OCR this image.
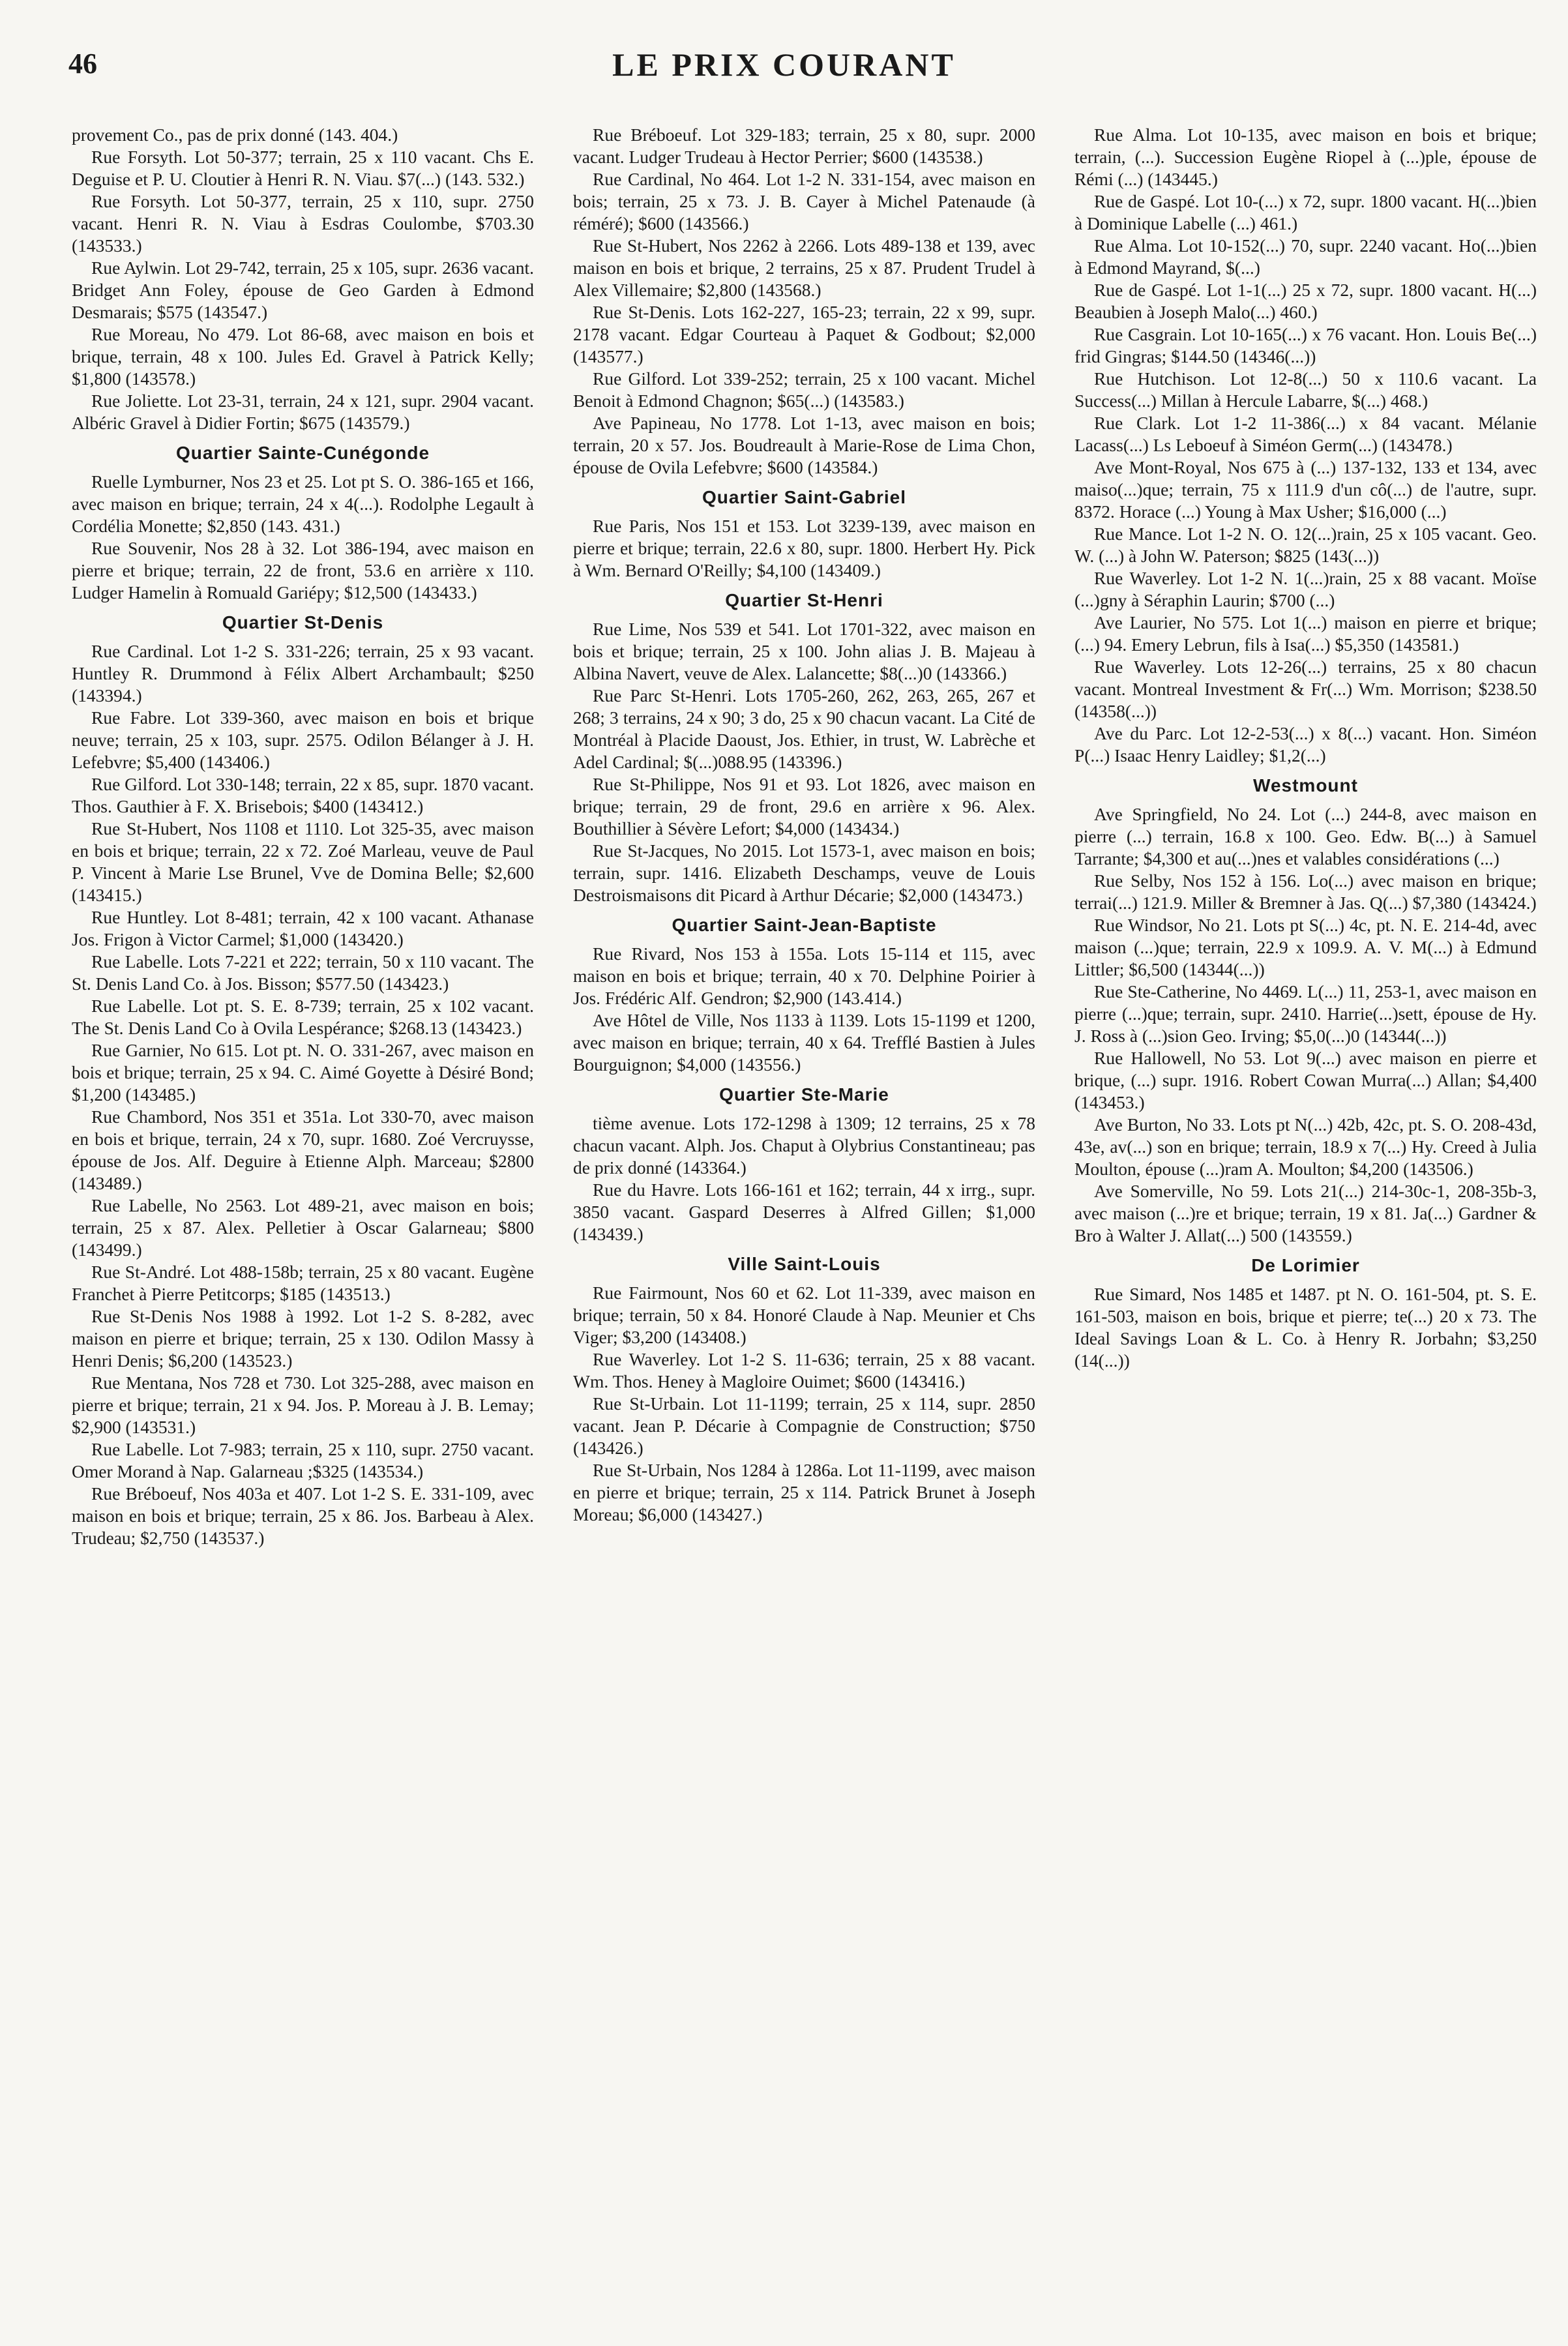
46	LE PRIX COURANT

provement Co., pas de prix donné (143. 404.)

Rue Forsyth. Lot 50-377; terrain, 25 x 110 vacant. Chs E. Deguise et P. U. Cloutier à Henri R. N. Viau. $7(...) (143. 532.)

Rue Forsyth. Lot 50-377, terrain, 25 x 110, supr. 2750 vacant. Henri R. N. Viau à Esdras Coulombe, $703.30 (143533.)

Rue Aylwin. Lot 29-742, terrain, 25 x 105, supr. 2636 vacant. Bridget Ann Foley, épouse de Geo Garden à Edmond Desmarais; $575 (143547.)

Rue Moreau, No 479. Lot 86-68, avec maison en bois et brique, terrain, 48 x 100. Jules Ed. Gravel à Patrick Kelly; $1,800 (143578.)

Rue Joliette. Lot 23-31, terrain, 24 x 121, supr. 2904 vacant. Albéric Gravel à Didier Fortin; $675 (143579.)

Quartier Sainte-Cunégonde

Ruelle Lymburner, Nos 23 et 25. Lot pt S. O. 386-165 et 166, avec maison en brique; terrain, 24 x 4(...). Rodolphe Legault à Cordélia Monette; $2,850 (143. 431.)

Rue Souvenir, Nos 28 à 32. Lot 386-194, avec maison en pierre et brique; terrain, 22 de front, 53.6 en arrière x 110. Ludger Hamelin à Romuald Gariépy; $12,500 (143433.)

Quartier St-Denis

Rue Cardinal. Lot 1-2 S. 331-226; terrain, 25 x 93 vacant. Huntley R. Drummond à Félix Albert Archambault; $250 (143394.)

Rue Fabre. Lot 339-360, avec maison en bois et brique neuve; terrain, 25 x 103, supr. 2575. Odilon Bélanger à J. H. Lefebvre; $5,400 (143406.)

Rue Gilford. Lot 330-148; terrain, 22 x 85, supr. 1870 vacant. Thos. Gauthier à F. X. Brisebois; $400 (143412.)

Rue St-Hubert, Nos 1108 et 1110. Lot 325-35, avec maison en bois et brique; terrain, 22 x 72. Zoé Marleau, veuve de Paul P. Vincent à Marie Lse Brunel, Vve de Domina Belle; $2,600 (143415.)

Rue Huntley. Lot 8-481; terrain, 42 x 100 vacant. Athanase Jos. Frigon à Victor Carmel; $1,000 (143420.)

Rue Labelle. Lots 7-221 et 222; terrain, 50 x 110 vacant. The St. Denis Land Co. à Jos. Bisson; $577.50 (143423.)

Rue Labelle. Lot pt. S. E. 8-739; terrain, 25 x 102 vacant. The St. Denis Land Co à Ovila Lespérance; $268.13 (143423.)

Rue Garnier, No 615. Lot pt. N. O. 331-267, avec maison en bois et brique; terrain, 25 x 94. C. Aimé Goyette à Désiré Bond; $1,200 (143485.)

Rue Chambord, Nos 351 et 351a. Lot 330-70, avec maison en bois et brique, terrain, 24 x 70, supr. 1680. Zoé Vercruysse, épouse de Jos. Alf. Deguire à Etienne Alph. Marceau; $2800 (143489.)

Rue Labelle, No 2563. Lot 489-21, avec maison en bois; terrain, 25 x 87. Alex. Pelletier à Oscar Galarneau; $800 (143499.)

Rue St-André. Lot 488-158b; terrain, 25 x 80 vacant. Eugène Franchet à Pierre Petitcorps; $185 (143513.)

Rue St-Denis Nos 1988 à 1992. Lot 1-2 S. 8-282, avec maison en pierre et brique; terrain, 25 x 130. Odilon Massy à Henri Denis; $6,200 (143523.)

Rue Mentana, Nos 728 et 730. Lot 325-288, avec maison en pierre et brique; terrain, 21 x 94. Jos. P. Moreau à J. B. Lemay; $2,900 (143531.)

Rue Labelle. Lot 7-983; terrain, 25 x 110, supr. 2750 vacant. Omer Morand à Nap. Galarneau ;$325 (143534.)

Rue Bréboeuf, Nos 403a et 407. Lot 1-2 S. E. 331-109, avec maison en bois et brique; terrain, 25 x 86. Jos. Barbeau à Alex. Trudeau; $2,750 (143537.)

Rue Bréboeuf. Lot 329-183; terrain, 25 x 80, supr. 2000 vacant. Ludger Trudeau à Hector Perrier; $600 (143538.)

Rue Cardinal, No 464. Lot 1-2 N. 331-154, avec maison en bois; terrain, 25 x 73. J. B. Cayer à Michel Patenaude (à réméré); $600 (143566.)

Rue St-Hubert, Nos 2262 à 2266. Lots 489-138 et 139, avec maison en bois et brique, 2 terrains, 25 x 87. Prudent Trudel à Alex Villemaire; $2,800 (143568.)

Rue St-Denis. Lots 162-227, 165-23; terrain, 22 x 99, supr. 2178 vacant. Edgar Courteau à Paquet & Godbout; $2,000 (143577.)

Rue Gilford. Lot 339-252; terrain, 25 x 100 vacant. Michel Benoit à Edmond Chagnon; $65(...) (143583.)

Ave Papineau, No 1778. Lot 1-13, avec maison en bois; terrain, 20 x 57. Jos. Boudreault à Marie-Rose de Lima Chon, épouse de Ovila Lefebvre; $600 (143584.)

Quartier Saint-Gabriel

Rue Paris, Nos 151 et 153. Lot 3239-139, avec maison en pierre et brique; terrain, 22.6 x 80, supr. 1800. Herbert Hy. Pick à Wm. Bernard O'Reilly; $4,100 (143409.)

Quartier St-Henri

Rue Lime, Nos 539 et 541. Lot 1701-322, avec maison en bois et brique; terrain, 25 x 100. John alias J. B. Majeau à Albina Navert, veuve de Alex. Lalancette; $8(...)0 (143366.)

Rue Parc St-Henri. Lots 1705-260, 262, 263, 265, 267 et 268; 3 terrains, 24 x 90; 3 do, 25 x 90 chacun vacant. La Cité de Montréal à Placide Daoust, Jos. Ethier, in trust, W. Labrèche et Adel Cardinal; $(...)088.95 (143396.)

Rue St-Philippe, Nos 91 et 93. Lot 1826, avec maison en brique; terrain, 29 de front, 29.6 en arrière x 96. Alex. Bouthillier à Sévère Lefort; $4,000 (143434.)

Rue St-Jacques, No 2015. Lot 1573-1, avec maison en bois; terrain, supr. 1416. Elizabeth Deschamps, veuve de Louis Destroismaisons dit Picard à Arthur Décarie; $2,000 (143473.)

Quartier Saint-Jean-Baptiste

Rue Rivard, Nos 153 à 155a. Lots 15-114 et 115, avec maison en bois et brique; terrain, 40 x 70. Delphine Poirier à Jos. Frédéric Alf. Gendron; $2,900 (143.414.)

Ave Hôtel de Ville, Nos 1133 à 1139. Lots 15-1199 et 1200, avec maison en brique; terrain, 40 x 64. Trefflé Bastien à Jules Bourguignon; $4,000 (143556.)

Quartier Ste-Marie

tième avenue. Lots 172-1298 à 1309; 12 terrains, 25 x 78 chacun vacant. Alph. Jos. Chaput à Olybrius Constantineau; pas de prix donné (143364.)

Rue du Havre. Lots 166-161 et 162; terrain, 44 x irrg., supr. 3850 vacant. Gaspard Deserres à Alfred Gillen; $1,000 (143439.)

Ville Saint-Louis

Rue Fairmount, Nos 60 et 62. Lot 11-339, avec maison en brique; terrain, 50 x 84. Honoré Claude à Nap. Meunier et Chs Viger; $3,200 (143408.)

Rue Waverley. Lot 1-2 S. 11-636; terrain, 25 x 88 vacant. Wm. Thos. Heney à Magloire Ouimet; $600 (143416.)

Rue St-Urbain. Lot 11-1199; terrain, 25 x 114, supr. 2850 vacant. Jean P. Décarie à Compagnie de Construction; $750 (143426.)

Rue St-Urbain, Nos 1284 à 1286a. Lot 11-1199, avec maison en pierre et brique; terrain, 25 x 114. Patrick Brunet à Joseph Moreau; $6,000 (143427.)

Rue Alma. Lot 10-135, avec maison en bois et brique; terrain, (...). Succession Eugène Riopel à (...)ple, épouse de Rémi (...) (143445.)

Rue de Gaspé. Lot 10-(...) x 72, supr. 1800 vacant. H(...)bien à Dominique Labelle (...) 461.)

Rue Alma. Lot 10-152(...) 70, supr. 2240 vacant. Ho(...)bien à Edmond Mayrand, $(...)

Rue de Gaspé. Lot 1-1(...) 25 x 72, supr. 1800 vacant. H(...) Beaubien à Joseph Malo(...) 460.)

Rue Casgrain. Lot 10-165(...) x 76 vacant. Hon. Louis Be(...) frid Gingras; $144.50 (14346(...))

Rue Hutchison. Lot 12-8(...) 50 x 110.6 vacant. La Success(...) Millan à Hercule Labarre, $(...) 468.)

Rue Clark. Lot 1-2 11-386(...) x 84 vacant. Mélanie Lacass(...) Ls Leboeuf à Siméon Germ(...) (143478.)

Ave Mont-Royal, Nos 675 à (...) 137-132, 133 et 134, avec maiso(...)que; terrain, 75 x 111.9 d'un cô(...) de l'autre, supr. 8372. Horace (...) Young à Max Usher; $16,000 (...)

Rue Mance. Lot 1-2 N. O. 12(...)rain, 25 x 105 vacant. Geo. W. (...) à John W. Paterson; $825 (143(...))

Rue Waverley. Lot 1-2 N. 1(...)rain, 25 x 88 vacant. Moïse (...)gny à Séraphin Laurin; $700 (...)

Ave Laurier, No 575. Lot 1(...) maison en pierre et brique; (...) 94. Emery Lebrun, fils à Isa(...) $5,350 (143581.)

Rue Waverley. Lots 12-26(...) terrains, 25 x 80 chacun vacant. Montreal Investment & Fr(...) Wm. Morrison; $238.50 (14358(...))

Ave du Parc. Lot 12-2-53(...) x 8(...) vacant. Hon. Siméon P(...) Isaac Henry Laidley; $1,2(...)

Westmount

Ave Springfield, No 24. Lot (...) 244-8, avec maison en pierre (...) terrain, 16.8 x 100. Geo. Edw. B(...) à Samuel Tarrante; $4,300 et au(...)nes et valables considérations (...)

Rue Selby, Nos 152 à 156. Lo(...) avec maison en brique; terrai(...) 121.9. Miller & Bremner à Jas. Q(...) $7,380 (143424.)

Rue Windsor, No 21. Lots pt S(...) 4c, pt. N. E. 214-4d, avec maison (...)que; terrain, 22.9 x 109.9. A. V. M(...) à Edmund Littler; $6,500 (14344(...))

Rue Ste-Catherine, No 4469. L(...) 11, 253-1, avec maison en pierre (...)que; terrain, supr. 2410. Harrie(...)sett, épouse de Hy. J. Ross à (...)sion Geo. Irving; $5,0(...)0 (14344(...))

Rue Hallowell, No 53. Lot 9(...) avec maison en pierre et brique, (...) supr. 1916. Robert Cowan Murra(...) Allan; $4,400 (143453.)

Ave Burton, No 33. Lots pt N(...) 42b, 42c, pt. S. O. 208-43d, 43e, av(...) son en brique; terrain, 18.9 x 7(...) Hy. Creed à Julia Moulton, épouse (...)ram A. Moulton; $4,200 (143506.)

Ave Somerville, No 59. Lots 21(...) 214-30c-1, 208-35b-3, avec maison (...)re et brique; terrain, 19 x 81. Ja(...) Gardner & Bro à Walter J. Allat(...) 500 (143559.)

De Lorimier

Rue Simard, Nos 1485 et 1487. pt N. O. 161-504, pt. S. E. 161-503, maison en bois, brique et pierre; te(...) 20 x 73. The Ideal Savings Loan & L. Co. à Henry R. Jorbahn; $3,250 (14(...))
